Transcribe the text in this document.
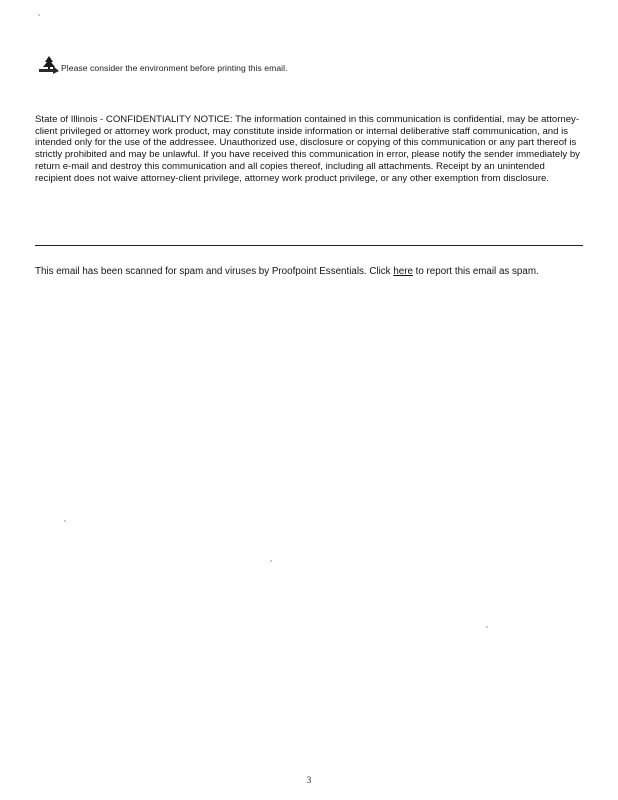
Please consider the environment before printing this email.

State of Illinois - CONFIDENTIALITY NOTICE: The information contained in this communication is confidential, may be attorney-client privileged or attorney work product, may constitute inside information or internal deliberative staff communication, and is intended only for the use of the addressee. Unauthorized use, disclosure or copying of this communication or any part thereof is strictly prohibited and may be unlawful. If you have received this communication in error, please notify the sender immediately by return e-mail and destroy this communication and all copies thereof, including all attachments. Receipt by an unintended recipient does not waive attorney-client privilege, attorney work product privilege, or any other exemption from disclosure.

This email has been scanned for spam and viruses by Proofpoint Essentials. Click here to report this email as spam.
3
